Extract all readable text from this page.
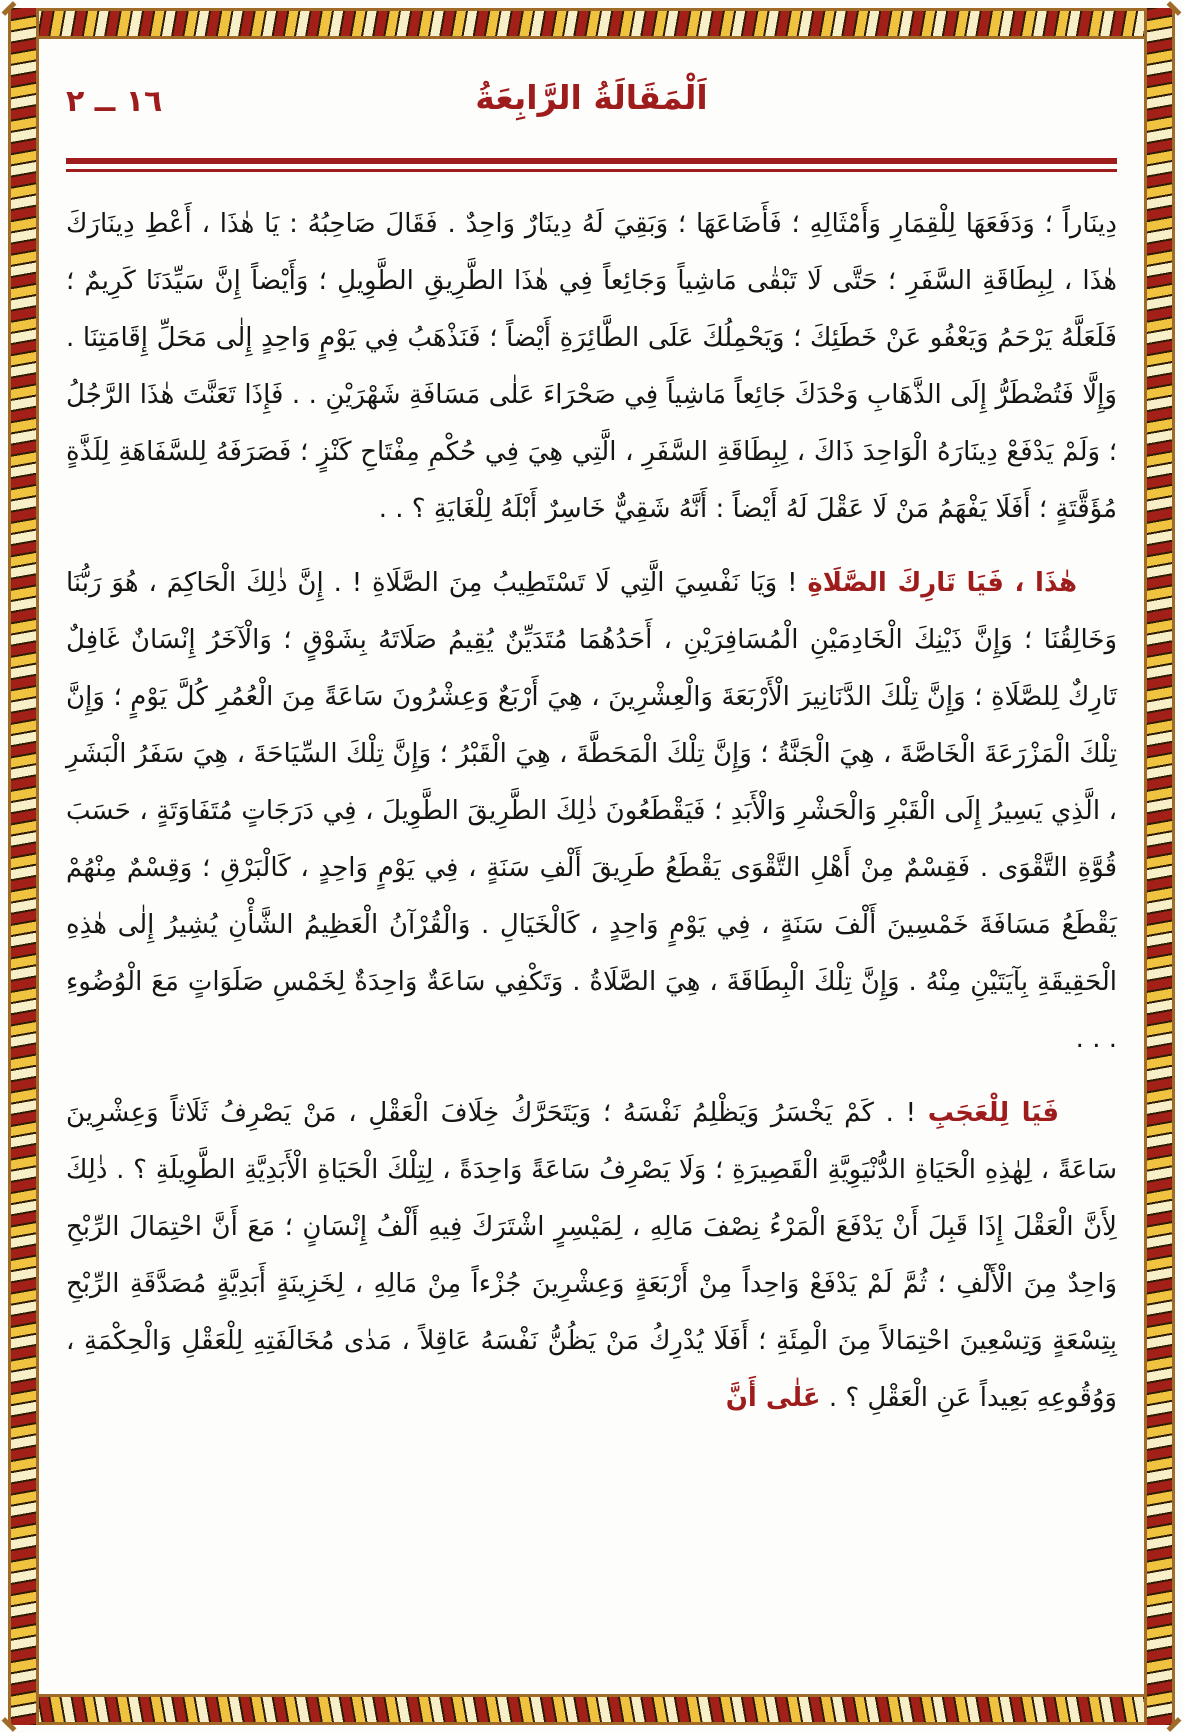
١٦ ــ ٢	اَلْمَقَالَةُ الرَّابِعَةُ

دِينَاراً ؛ وَدَفَعَهَا لِلْقِمَارِ وَأَمْثَالِهِ ؛ فَأَضَاعَهَا ؛ وَبَقِيَ لَهُ دِينَارٌ وَاحِدٌ . فَقَالَ صَاحِبُهُ : يَا هٰذَا ، أَعْطِ دِينَارَكَ هٰذَا ، لِبِطَاقَةِ السَّفَرِ ؛ حَتَّى لَا تَبْقٰى مَاشِياً وَجَائِعاً فِي هٰذَا الطَّرِيقِ الطَّوِيلِ ؛ وَأَيْضاً إِنَّ سَيِّدَنَا كَرِيمٌ ؛ فَلَعَلَّهُ يَرْحَمُ وَيَعْفُو عَنْ خَطَئِكَ ؛ وَيَحْمِلُكَ عَلَى الطَّائِرَةِ أَيْضاً ؛ فَنَذْهَبُ فِي يَوْمٍ وَاحِدٍ إِلٰى مَحَلِّ إِقَامَتِنَا . وَإِلَّا فَتُضْطَرُّ إِلَى الذَّهَابِ وَحْدَكَ جَائِعاً مَاشِياً فِي صَحْرَاءَ عَلٰى مَسَافَةِ شَهْرَيْنِ . . فَإِذَا تَعَنَّتَ هٰذَا الرَّجُلُ ؛ وَلَمْ يَدْفَعْ دِينَارَهُ الْوَاحِدَ ذَاكَ ، لِبِطَاقَةِ السَّفَرِ ، الَّتِي هِيَ فِي حُكْمِ مِفْتَاحِ كَنْزٍ ؛ فَصَرَفَهُ لِلسَّفَاهَةِ لِلَذَّةٍ مُؤَقَّتَةٍ ؛ أَفَلَا يَفْهَمُ مَنْ لَا عَقْلَ لَهُ أَيْضاً : أَنَّهُ شَقِيٌّ خَاسِرٌ أَبْلَهُ لِلْغَايَةِ ؟ . .

هٰذَا ، فَيَا تَارِكَ الصَّلَاةِ ! وَيَا نَفْسِيَ الَّتِي لَا تَسْتَطِيبُ مِنَ الصَّلَاةِ ! . إِنَّ ذٰلِكَ الْحَاكِمَ ، هُوَ رَبُّنَا وَخَالِقُنَا ؛ وَإِنَّ ذَيْنِكَ الْخَادِمَيْنِ الْمُسَافِرَيْنِ ، أَحَدُهُمَا مُتَدَيِّنٌ يُقِيمُ صَلَاتَهُ بِشَوْقٍ ؛ وَالْآخَرُ إِنْسَانٌ غَافِلٌ تَارِكٌ لِلصَّلَاةِ ؛ وَإِنَّ تِلْكَ الدَّنَانِيرَ الْأَرْبَعَةَ وَالْعِشْرِينَ ، هِيَ أَرْبَعٌ وَعِشْرُونَ سَاعَةً مِنَ الْعُمُرِ كُلَّ يَوْمٍ ؛ وَإِنَّ تِلْكَ الْمَزْرَعَةَ الْخَاصَّةَ ، هِيَ الْجَنَّةُ ؛ وَإِنَّ تِلْكَ الْمَحَطَّةَ ، هِيَ الْقَبْرُ ؛ وَإِنَّ تِلْكَ السِّيَاحَةَ ، هِيَ سَفَرُ الْبَشَرِ ، الَّذِي يَسِيرُ إِلَى الْقَبْرِ وَالْحَشْرِ وَالْأَبَدِ ؛ فَيَقْطَعُونَ ذٰلِكَ الطَّرِيقَ الطَّوِيلَ ، فِي دَرَجَاتٍ مُتَفَاوَتَةٍ ، حَسَبَ قُوَّةِ التَّقْوَى . فَقِسْمٌ مِنْ أَهْلِ التَّقْوَى يَقْطَعُ طَرِيقَ أَلْفِ سَنَةٍ ، فِي يَوْمٍ وَاحِدٍ ، كَالْبَرْقِ ؛ وَقِسْمٌ مِنْهُمْ يَقْطَعُ مَسَافَةَ خَمْسِينَ أَلْفَ سَنَةٍ ، فِي يَوْمٍ وَاحِدٍ ، كَالْخَيَالِ . وَالْقُرْآنُ الْعَظِيمُ الشَّأْنِ يُشِيرُ إِلٰى هٰذِهِ الْحَقِيقَةِ بِآيَتَيْنِ مِنْهُ . وَإِنَّ تِلْكَ الْبِطَاقَةَ ، هِيَ الصَّلَاةُ . وَتَكْفِي سَاعَةٌ وَاحِدَةٌ لِخَمْسِ صَلَوَاتٍ مَعَ الْوُضُوءِ . . .

فَيَا لِلْعَجَبِ ! . كَمْ يَخْسَرُ وَيَظْلِمُ نَفْسَهُ ؛ وَيَتَحَرَّكُ خِلَافَ الْعَقْلِ ، مَنْ يَصْرِفُ ثَلَاثاً وَعِشْرِينَ سَاعَةً ، لِهٰذِهِ الْحَيَاةِ الدُّنْيَوِيَّةِ الْقَصِيرَةِ ؛ وَلَا يَصْرِفُ سَاعَةً وَاحِدَةً ، لِتِلْكَ الْحَيَاةِ الْأَبَدِيَّةِ الطَّوِيلَةِ ؟ . ذٰلِكَ لِأَنَّ الْعَقْلَ إِذَا قَبِلَ أَنْ يَدْفَعَ الْمَرْءُ نِصْفَ مَالِهِ ، لِمَيْسِرٍ اشْتَرَكَ فِيهِ أَلْفُ إِنْسَانٍ ؛ مَعَ أَنَّ احْتِمَالَ الرِّبْحِ وَاحِدٌ مِنَ الْأَلْفِ ؛ ثُمَّ لَمْ يَدْفَعْ وَاحِداً مِنْ أَرْبَعَةٍ وَعِشْرِينَ جُزْءاً مِنْ مَالِهِ ، لِخَزِينَةٍ أَبَدِيَّةٍ مُصَدَّقَةِ الرِّبْحِ بِتِسْعَةٍ وَتِسْعِينَ احْتِمَالاً مِنَ الْمِئَةِ ؛ أَفَلَا يُدْرِكُ مَنْ يَظُنُّ نَفْسَهُ عَاقِلاً ، مَدٰى مُخَالَفَتِهِ لِلْعَقْلِ وَالْحِكْمَةِ ، وَوُقُوعِهِ بَعِيداً عَنِ الْعَقْلِ ؟ . عَلٰى أَنَّ
